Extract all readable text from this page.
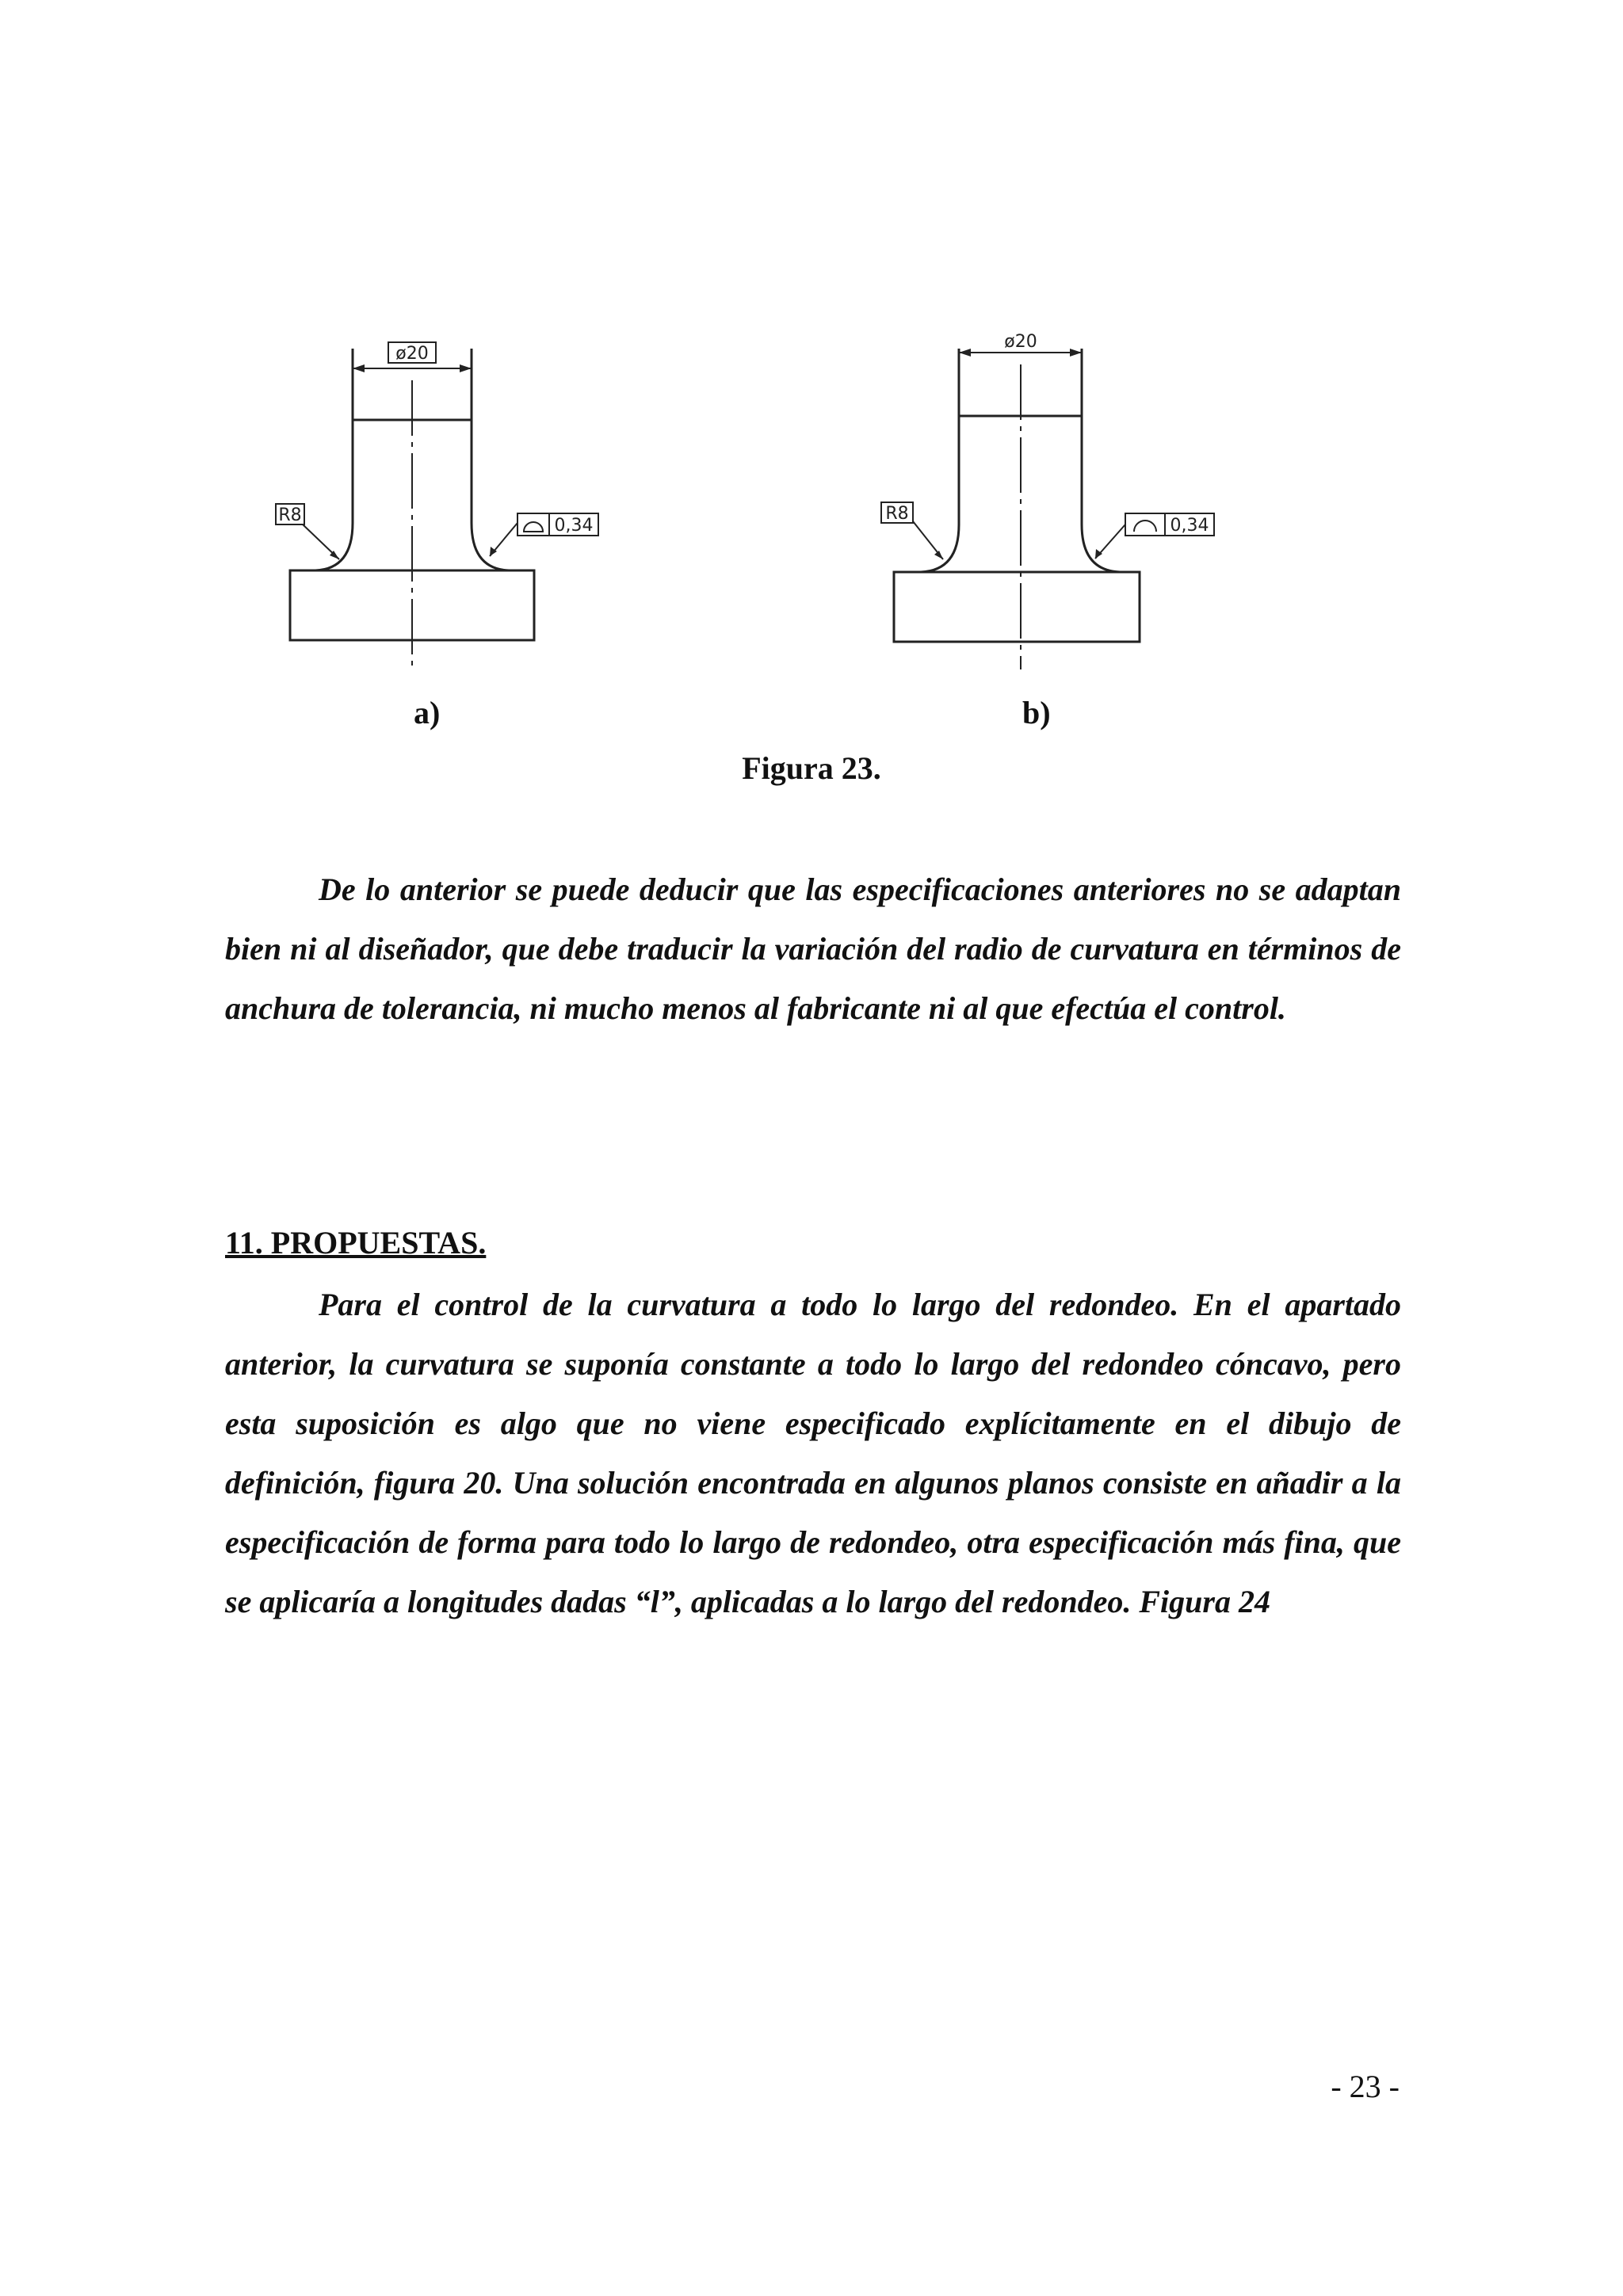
ø20
R8
0,34
ø20
R8
0,34
a)	b)
Figura 23.

De lo anterior se puede deducir que las especificaciones anteriores no se adaptan bien ni al diseñador, que debe traducir la variación del radio de curvatura en términos de anchura de tolerancia, ni mucho menos al fabricante ni al que efectúa el control.

11. PROPUESTAS.

Para el control de la curvatura a todo lo largo del redondeo. En el apartado anterior, la curvatura se suponía constante a todo lo largo del redondeo cóncavo, pero esta suposición es algo que no viene especificado explícitamente en el dibujo de definición, figura 20. Una solución encontrada en algunos planos consiste en añadir a la especificación de forma para todo lo largo de redondeo, otra especificación más fina, que se aplicaría a longitudes dadas “l”, aplicadas a lo largo del redondeo. Figura 24

- 23 -
